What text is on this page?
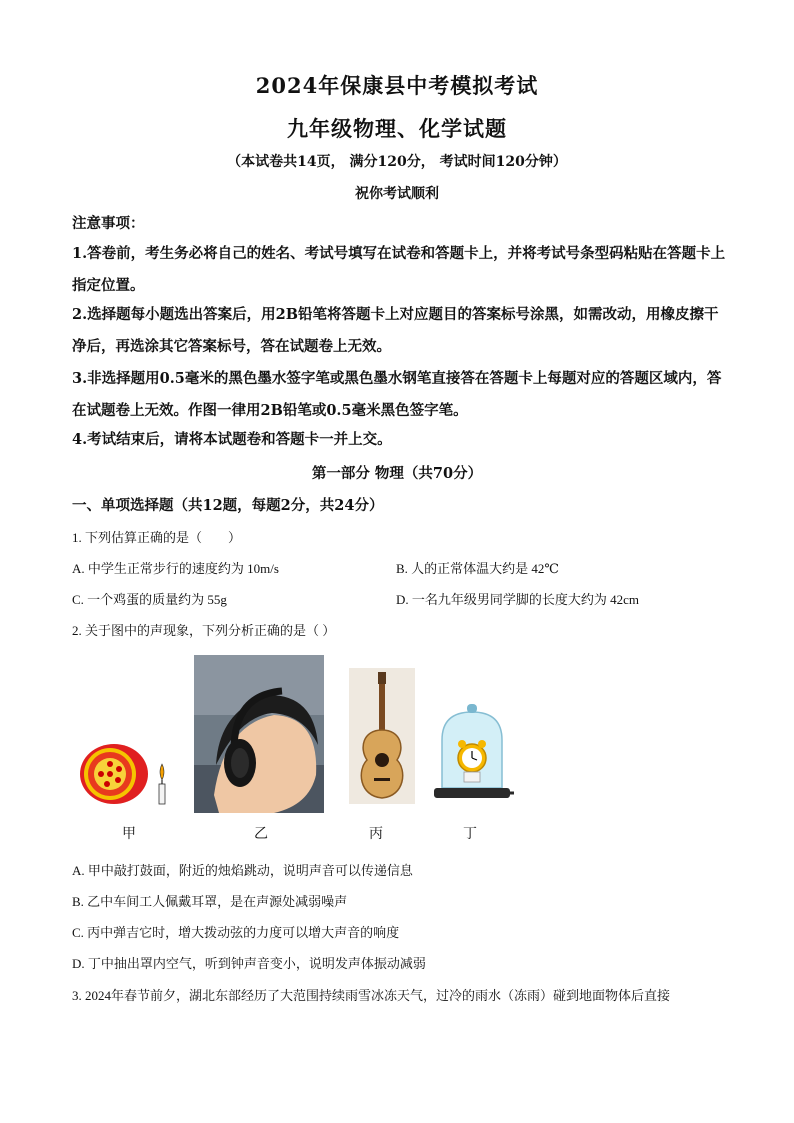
2024年保康县中考模拟考试
九年级物理、化学试题
（本试卷共14页， 满分120分， 考试时间120分钟）
祝你考试顺利
注意事项：
1.答卷前，考生务必将自己的姓名、考试号填写在试卷和答题卡上，并将考试号条型码粘贴在答题卡上指定位置。
2.选择题每小题选出答案后，用2B铅笔将答题卡上对应题目的答案标号涂黑，如需改动，用橡皮擦干净后，再选涂其它答案标号，答在试题卷上无效。
3.非选择题用0.5毫米的黑色墨水签字笔或黑色墨水钢笔直接答在答题卡上每题对应的答题区域内，答在试题卷上无效。作图一律用2B铅笔或0.5毫米黑色签字笔。
4.考试结束后，请将本试题卷和答题卡一并上交。
第一部分 物理（共70分）
一、单项选择题（共12题，每题2分，共24分）
1. 下列估算正确的是（　　）
A. 中学生正常步行的速度约为 10m/s	B. 人的正常体温大约是 42℃
C. 一个鸡蛋的质量约为 55g	D. 一名九年级男同学脚的长度大约为 42cm
2. 关于图中的声现象，下列分析正确的是（ ）
甲	乙	丙	丁
A. 甲中敲打鼓面，附近的烛焰跳动，说明声音可以传递信息
B. 乙中车间工人佩戴耳罩，是在声源处减弱噪声
C. 丙中弹吉它时，增大拨动弦的力度可以增大声音的响度
D. 丁中抽出罩内空气，听到钟声音变小，说明发声体振动减弱
3. 2024年春节前夕，湖北东部经历了大范围持续雨雪冰冻天气，过冷的雨水（冻雨）碰到地面物体后直接
